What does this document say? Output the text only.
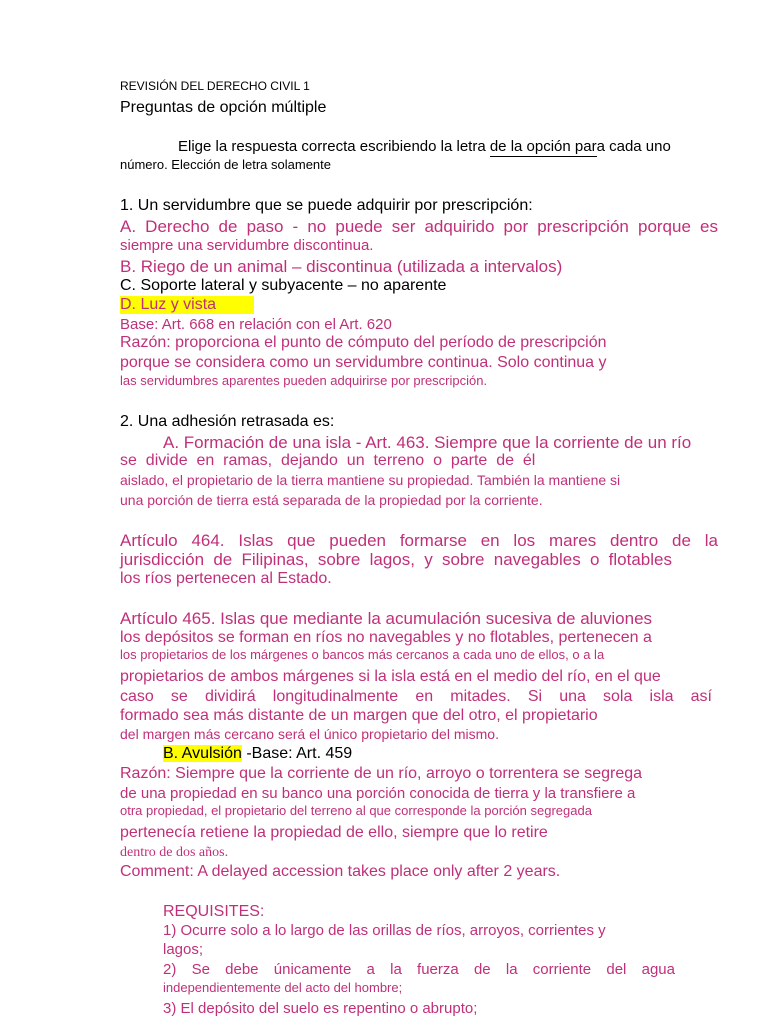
REVISIÓN DEL DERECHO CIVIL 1
Preguntas de opción múltiple
Elige la respuesta correcta escribiendo la letra de la opción para cada uno
número. Elección de letra solamente
1. Un servidumbre que se puede adquirir por prescripción:
A. Derecho de paso - no puede ser adquirido por prescripción porque es
siempre una servidumbre discontinua.
B. Riego de un animal – discontinua (utilizada a intervalos)
C. Soporte lateral y subyacente – no aparente
D. Luz y vista
Base: Art. 668 en relación con el Art. 620
Razón: proporciona el punto de cómputo del período de prescripción
porque se considera como un servidumbre continua. Solo continua y
las servidumbres aparentes pueden adquirirse por prescripción.
2. Una adhesión retrasada es:
A. Formación de una isla - Art. 463. Siempre que la corriente de un río
se  divide  en  ramas,  dejando  un  terreno  o  parte  de  él
aislado, el propietario de la tierra mantiene su propiedad. También la mantiene si
una porción de tierra está separada de la propiedad por la corriente.
Artículo 464. Islas que pueden formarse en los mares dentro de la
jurisdicción de Filipinas, sobre lagos, y sobre navegables o flotables
los ríos pertenecen al Estado.
Artículo 465. Islas que mediante la acumulación sucesiva de aluviones
los depósitos se forman en ríos no navegables y no flotables, pertenecen a
los propietarios de los márgenes o bancos más cercanos a cada uno de ellos, o a la
propietarios de ambos márgenes si la isla está en el medio del río, en el que
caso se dividirá longitudinalmente en mitades. Si una sola isla así
formado sea más distante de un margen que del otro, el propietario
del margen más cercano será el único propietario del mismo.
B. Avulsión -Base: Art. 459
Razón: Siempre que la corriente de un río, arroyo o torrentera se segrega
de una propiedad en su banco una porción conocida de tierra y la transfiere a
otra propiedad, el propietario del terreno al que corresponde la porción segregada
pertenecía retiene la propiedad de ello, siempre que lo retire
dentro de dos años.
Comment: A delayed accession takes place only after 2 years.
REQUISITES:
1) Ocurre solo a lo largo de las orillas de ríos, arroyos, corrientes y
lagos;
2) Se debe únicamente a la fuerza de la corriente del agua
independientemente del acto del hombre;
3) El depósito del suelo es repentino o abrupto;
